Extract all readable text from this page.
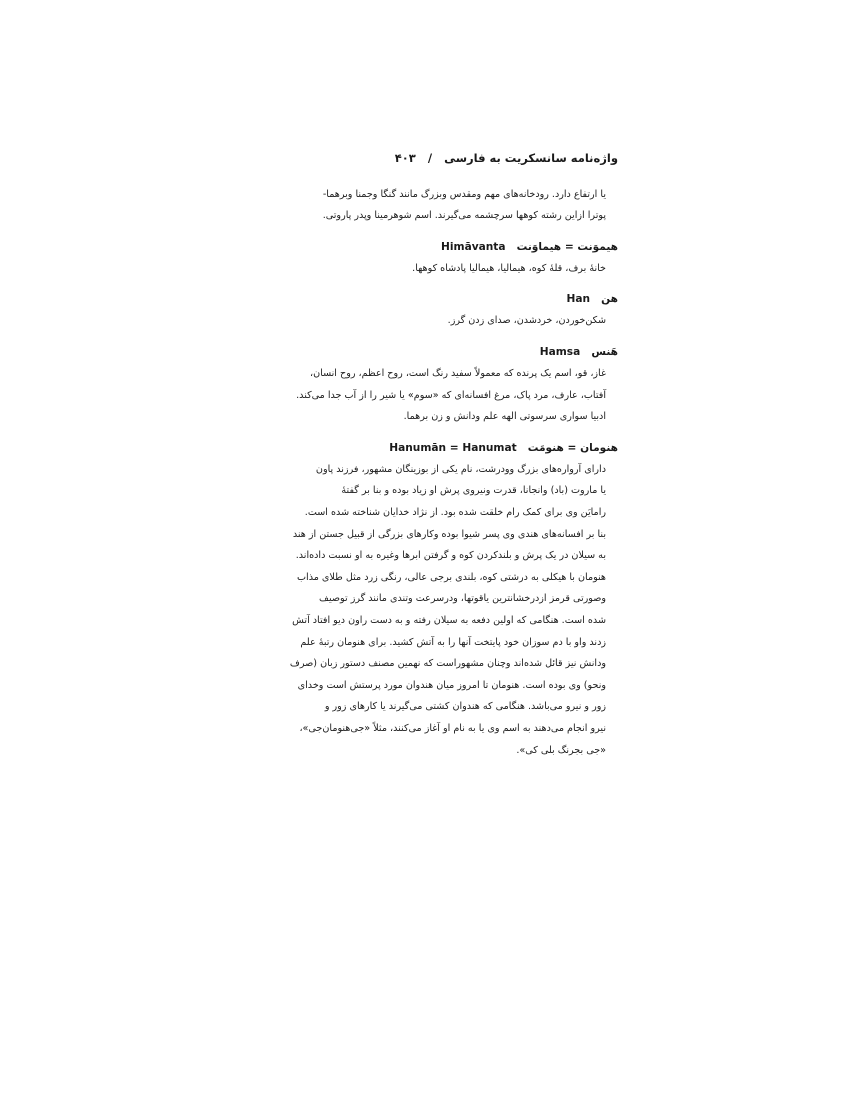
واژه‌نامه سانسکریت به فارسی   /   ۴۰۳
یا ارتفاع دارد. رودخانه‌های مهم ومقدس وبزرگ مانند گنگا وجمنا وبرهما-
پوترا ازاین رشته کوهها سرچشمه می‌گیرند. اسم شوهرمینا وپدر پاروتی.
هیموَنت = هیماوَنت   Himāvanta
خانهٔ برف، قلهٔ کوه، هیمالیا، هیمالیا پادشاه کوهها.
هن   Han
شکن‌خوردن، خردشدن، صدای زدن گرز.
هَنس   Hamsa
غاز، قو، اسم یک پرنده که معمولاً سفید رنگ است، روح اعظم، روح انسان،
آفتاب، عارف، مرد پاک، مرغ افسانه‌ای که «سوم» یا شیر را از آب جدا می‌کند.
ادبیا سواری سرسوتی الهه علم ودانش و زن برهما.
هنومان = هنومَت   Hanumān = Hanumat
دارای آرواره‌های بزرگ وودرشت، نام یکی از بوزینگان مشهور، فرزند پاون
یا ماروت (باد) وانجانا، قدرت ونیروی پرش او زیاد بوده و بنا بر گفتهٔ
رامایَن وی برای کمک رام خلقت شده بود. از نژاد خدایان شناخته شده است.
بنا بر افسانه‌های هندی وی پسر شیوا بوده وکارهای بزرگی از قبیل جستن از هند
به سیلان در یک پرش و بلندکردن کوه و گرفتن ابرها وغیره به او نسبت داده‌اند.
هنومان با هیکلی به درشتی کوه، بلندی برجی عالی، رنگی زرد مثل طلای مذاب
وصورتی قرمز ازدرخشانترین یاقوتها، ودرسرعت وتندی مانند گرز توصیف
شده است. هنگامی که اولین دفعه به سیلان رفته و به دست راون دیو افتاد آتش
زدند واو با دم سوزان خود پایتخت آنها را به آتش کشید. برای هنومان رتبهٔ علم
ودانش نیز قائل شده‌اند وچنان مشهوراست که نهمین مصنف دستور زبان (صرف
ونحو) وی بوده است. هنومان تا امروز میان هندوان مورد پرستش است وخدای
زور و نیرو می‌باشد. هنگامی که هندوان کشتی می‌گیرند یا کارهای زور و
نیرو انجام می‌دهند به اسم وی یا به نام او آغاز می‌کنند، مثلاً «جی‌هنومان‌جی»،
«جی بجرنگ بلی کی».
